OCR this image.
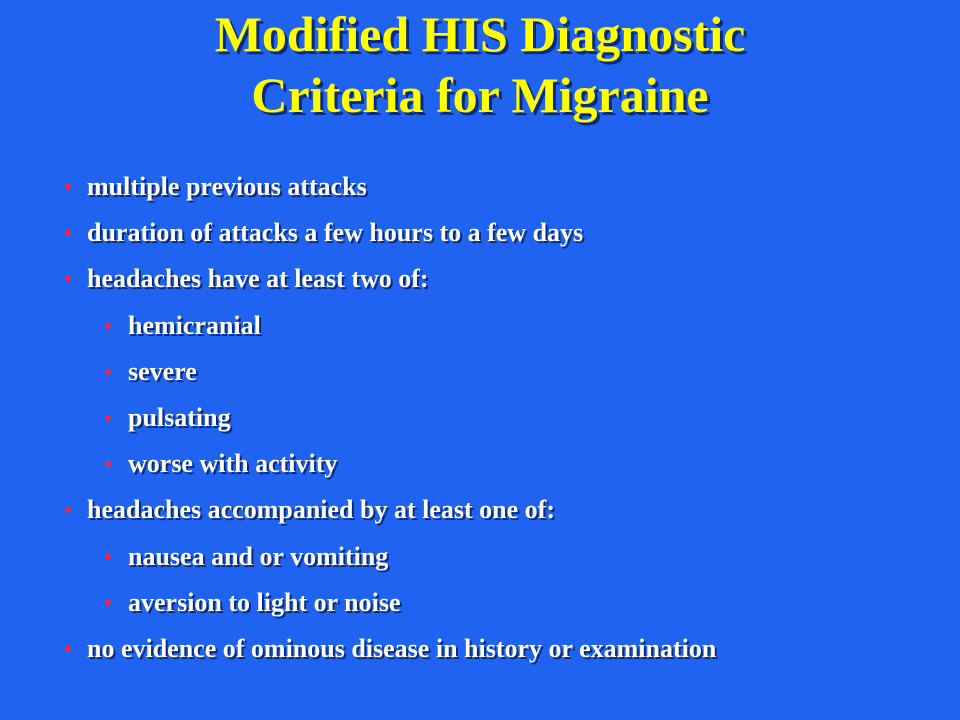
Modified HIS Diagnostic
Criteria for Migraine
• multiple previous attacks
• duration of attacks a few hours to a few days
• headaches have at least two of:
• hemicranial
• severe
• pulsating
• worse with activity
• headaches accompanied by at least one of:
• nausea and or vomiting
• aversion to light or noise
• no evidence of ominous disease in history or examination
